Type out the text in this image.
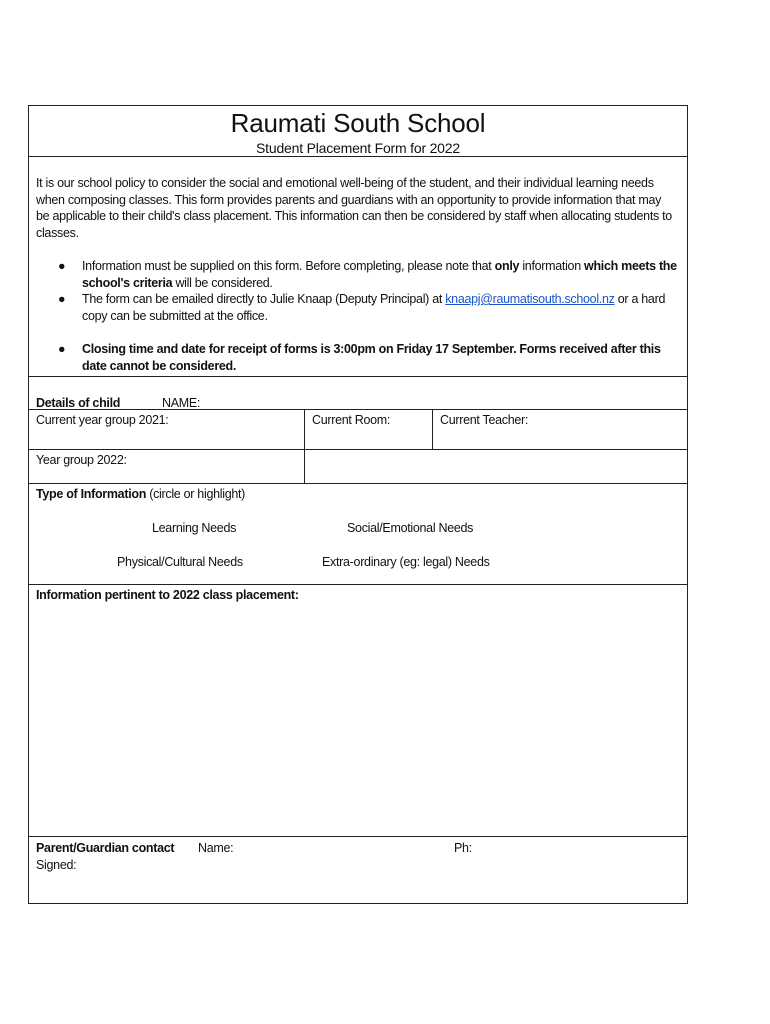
Raumati South School
Student Placement Form for 2022
It is our school policy to consider the social and emotional well-being of the student, and their individual learning needs when composing classes. This form provides parents and guardians with an opportunity to provide information that may be applicable to their child's class placement. This information can then be considered by staff when allocating students to classes.
● Information must be supplied on this form. Before completing, please note that only information which meets the school's criteria will be considered.
● The form can be emailed directly to Julie Knaap (Deputy Principal) at knaapj@raumatisouth.school.nz or a hard copy can be submitted at the office.
● Closing time and date for receipt of forms is 3:00pm on Friday 17 September. Forms received after this date cannot be considered.
Details of child	NAME:
Current year group 2021:	Current Room:	Current Teacher:
Year group 2022:
Type of Information (circle or highlight)
Learning Needs	Social/Emotional Needs
Physical/Cultural Needs	Extra-ordinary (eg: legal) Needs
Information pertinent to 2022 class placement:
Parent/Guardian contact Name:	Ph:
Signed:
